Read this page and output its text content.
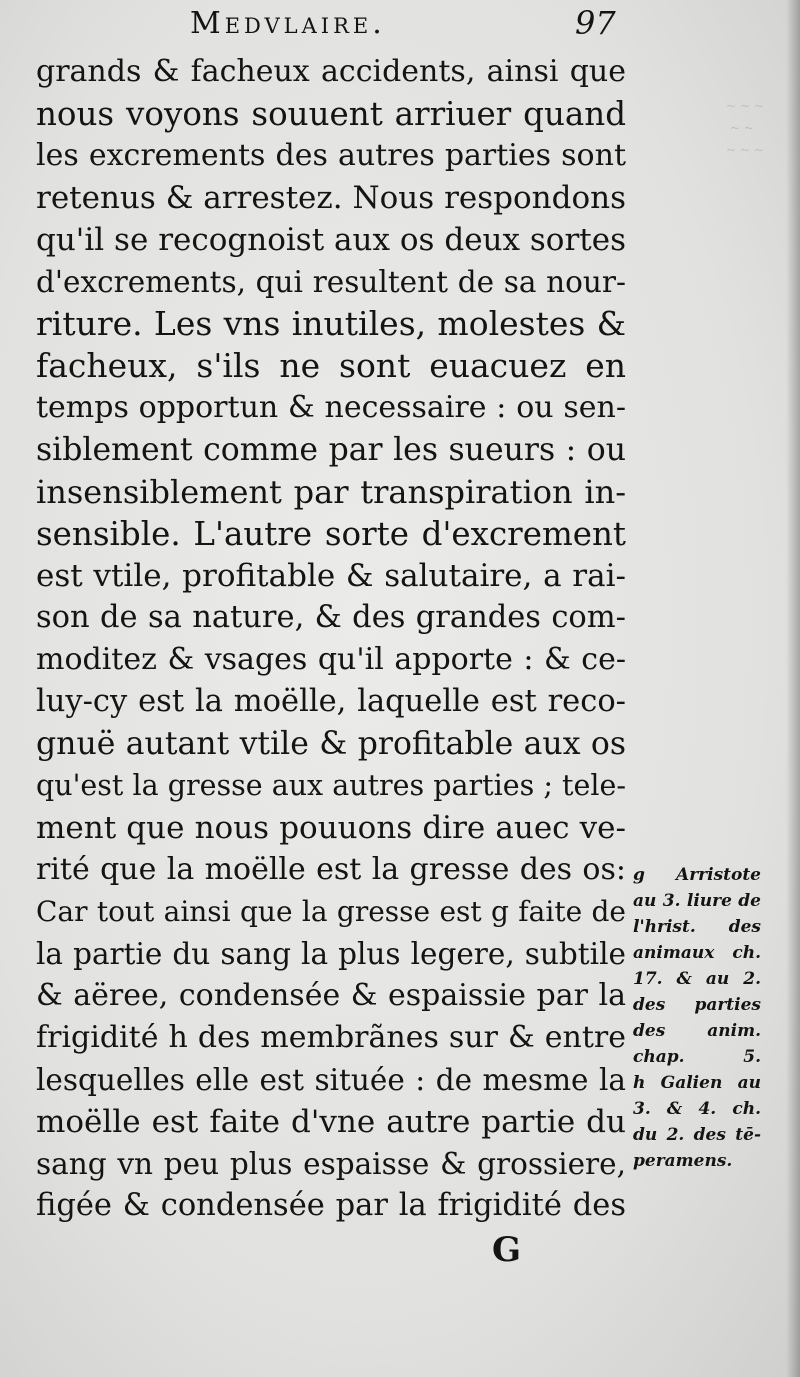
~ ~ ~
~ ~
~ ~ ~
Medvlaire.	97
grands & facheux accidents, ainsi que
nous voyons souuent arriuer quand
les excrements des autres parties sont
retenus & arrestez. Nous respondons
qu'il se recognoist aux os deux sortes
d'excrements, qui resultent de sa nour-
riture. Les vns inutiles, molestes &
facheux, s'ils ne sont euacuez en
temps opportun & necessaire : ou sen-
siblement comme par les sueurs : ou
insensiblement par transpiration in-
sensible. L'autre sorte d'excrement
est vtile, profitable & salutaire, a rai-
son de sa nature, & des grandes com-
moditez & vsages qu'il apporte : & ce-
luy-cy est la moëlle, laquelle est reco-
gnuë autant vtile & profitable aux os
qu'est la gresse aux autres parties ; tele-
ment que nous pouuons dire auec ve-
rité que la moëlle est la gresse des os:
Car tout ainsi que la gresse est g faite de
la partie du sang la plus legere, subtile
& aëree, condensée & espaissie par la
frigidité h des membrãnes sur & entre
lesquelles elle est située : de mesme la
moëlle est faite d'vne autre partie du
sang vn peu plus espaisse & grossiere,
figée & condensée par la frigidité des
g Arristote
au 3. liure de
l'hrist. des
animaux ch.
17. & au 2.
des parties
des anim.
chap. 5.
h Galien au
3. & 4. ch.
du 2. des tē-
peramens.
G
